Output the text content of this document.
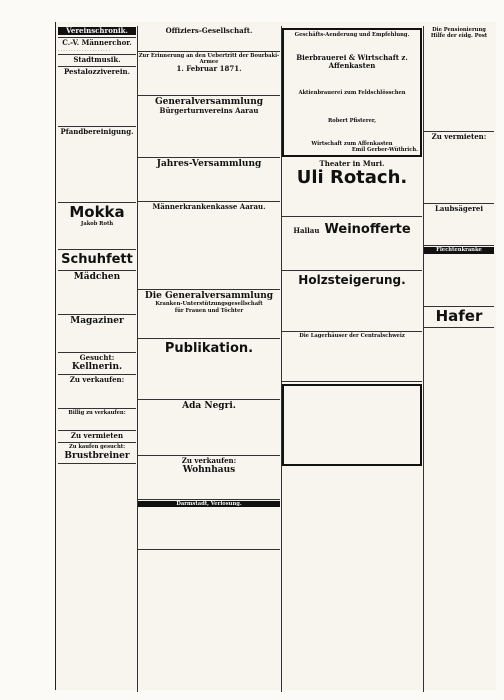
Vereinschronik.
C.-V. Männerchor.
. . . . . . . . . . . . . . . . . . . .
Stadtmusik.
Pestalozziverein.
Pfandbereinigung.
Mokka
Jakob Roth
Schuhfett
Mädchen
Magaziner
Gesucht:
Kellnerin.
Zu verkaufen:
Billig zu verkaufen:
Zu vermieten
Zu kaufen gesucht:
Brustbreiner
Offiziers-Gesellschaft.
Zur Erinnerung an den Uebertritt der Bourbaki-Armee
1. Februar 1871.
Generalversammlung
Bürgerturnvereins Aarau
Jahres-Versammlung
Männerkrankenkasse Aarau.
Die Generalversammlung
Kranken-Unterstützungsgesellschaft
für Frauen und Töchter
Publikation.
Ada Negri.
Zu verkaufen:
Wohnhaus
Darmstadt, Verlosung.
Geschäfts-Aenderung und Empfehlung.
Bierbrauerei & Wirtschaft z. Affenkasten
Aktienbrauerei zum Feldschlösschen
Robert Pfisterer,
Wirtschaft zum Affenkasten
Emil Gerber-Wüthrich.
Theater in Muri.
Uli Rotach.
Hallau Weinofferte
Holzsteigerung.
Die Lagerhäuser der Centralschweiz
Die Pensionierung
Hilfe der eidg. Post
Zu vermieten:
Laubsägerei
Flechtenkranke
Hafer
